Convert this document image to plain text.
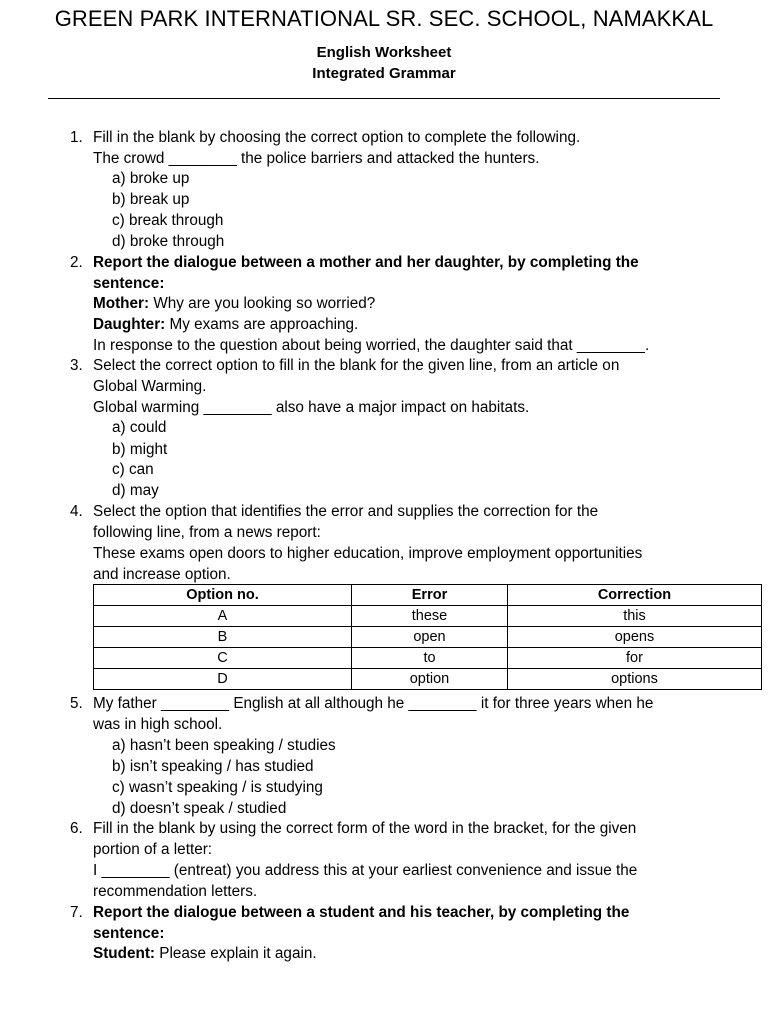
GREEN PARK INTERNATIONAL SR. SEC. SCHOOL, NAMAKKAL
English Worksheet
Integrated Grammar
1. Fill in the blank by choosing the correct option to complete the following.
The crowd ________ the police barriers and attacked the hunters.
a) broke up
b) break up
c) break through
d) broke through
2. Report the dialogue between a mother and her daughter, by completing the
sentence:
Mother: Why are you looking so worried?
Daughter: My exams are approaching.
In response to the question about being worried, the daughter said that ________.
3. Select the correct option to fill in the blank for the given line, from an article on
Global Warming.
Global warming ________ also have a major impact on habitats.
a) could
b) might
c) can
d) may
4. Select the option that identifies the error and supplies the correction for the
following line, from a news report:
These exams open doors to higher education, improve employment opportunities
and increase option.
Option no.	Error	Correction
A	these	this
B	open	opens
C	to	for
D	option	options
5. My father ________ English at all although he ________ it for three years when he
was in high school.
a) hasn’t been speaking / studies
b) isn’t speaking / has studied
c) wasn’t speaking / is studying
d) doesn’t speak / studied
6. Fill in the blank by using the correct form of the word in the bracket, for the given
portion of a letter:
I ________ (entreat) you address this at your earliest convenience and issue the
recommendation letters.
7. Report the dialogue between a student and his teacher, by completing the
sentence:
Student: Please explain it again.
